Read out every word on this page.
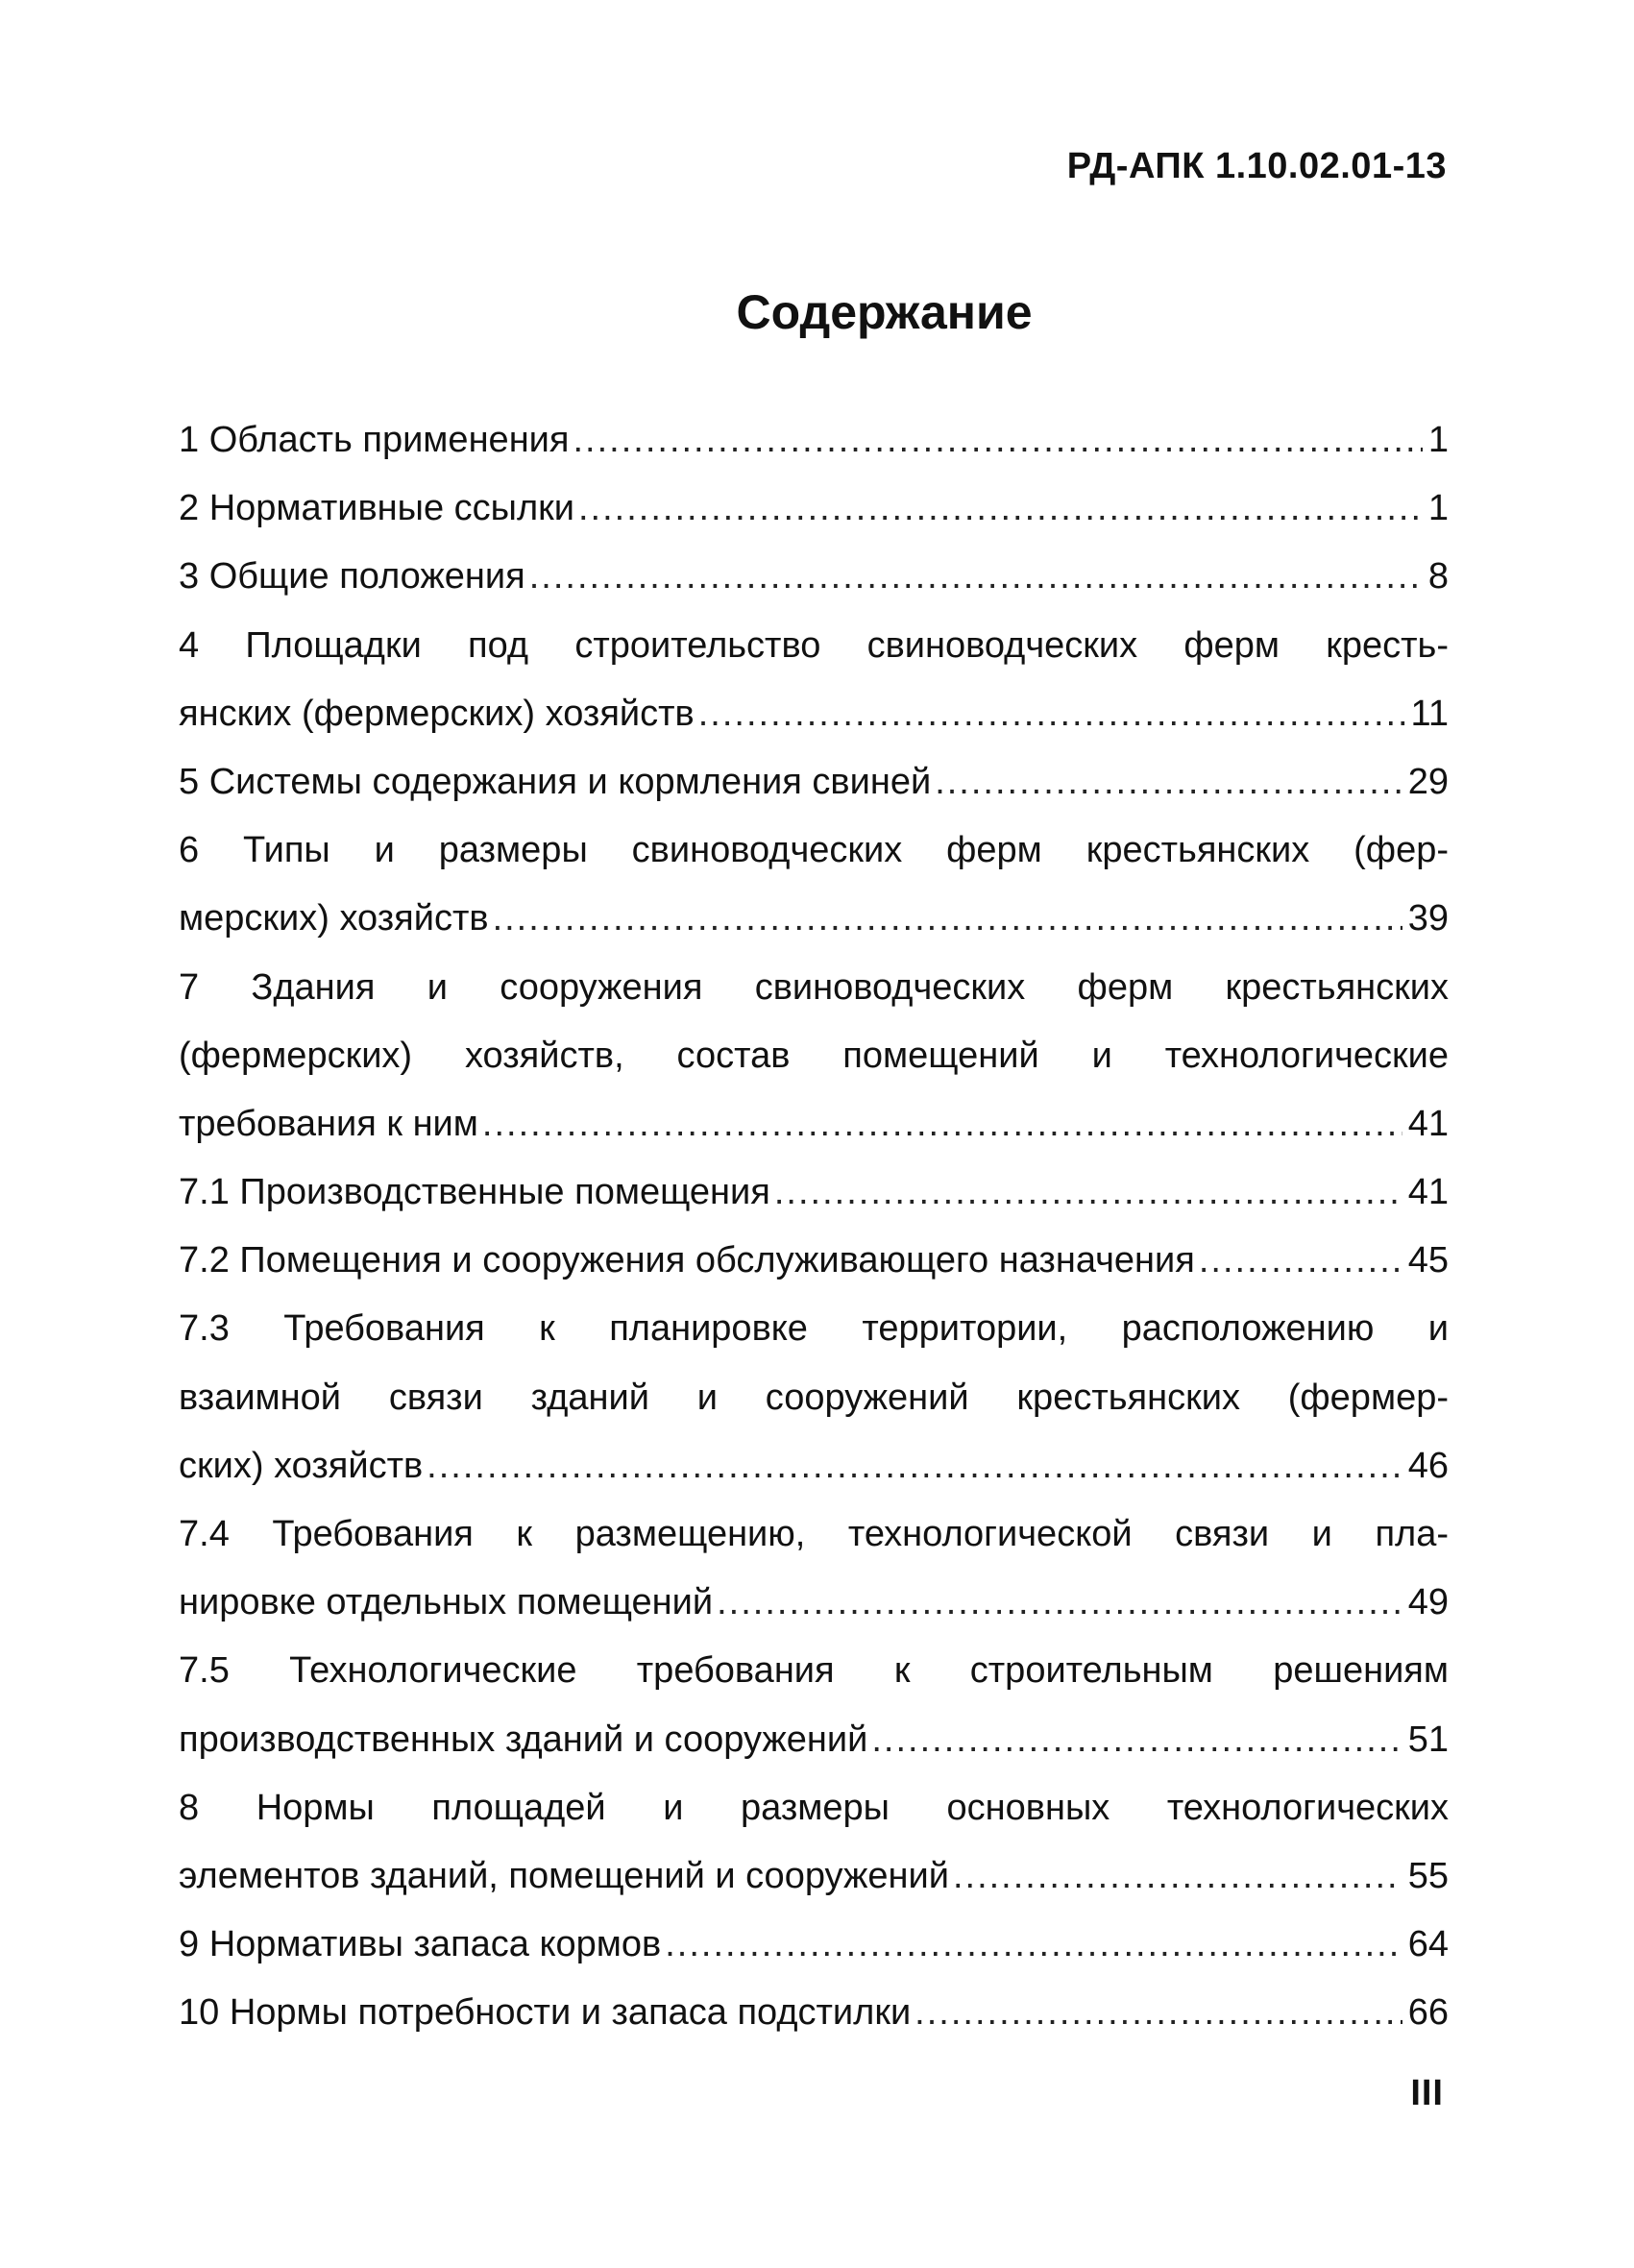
РД-АПК 1.10.02.01-13
Содержание
1 Область применения .....	1
2 Нормативные ссылки .....	1
3 Общие положения .....	8
4 Площадки под строительство свиноводческих ферм кресть-
янских (фермерских) хозяйств .....	11
5 Системы содержания и кормления свиней .....	29
6 Типы и размеры свиноводческих ферм крестьянских (фер-
мерских) хозяйств .....	39
7 Здания и сооружения свиноводческих ферм крестьянских
(фермерских) хозяйств, состав помещений и технологические
требования к ним .....	41
7.1 Производственные помещения .....	41
7.2 Помещения и сооружения обслуживающего назначения .....	45
7.3 Требования к планировке территории, расположению и
взаимной связи зданий и сооружений крестьянских (фермер-
ских) хозяйств .....	46
7.4 Требования к размещению, технологической связи и пла-
нировке отдельных помещений .....	49
7.5 Технологические требования к строительным решениям
производственных зданий и сооружений .....	51
8 Нормы площадей и размеры основных технологических
элементов зданий, помещений и сооружений .....	55
9 Нормативы запаса кормов .....	64
10 Нормы потребности и запаса подстилки .....	66
III
